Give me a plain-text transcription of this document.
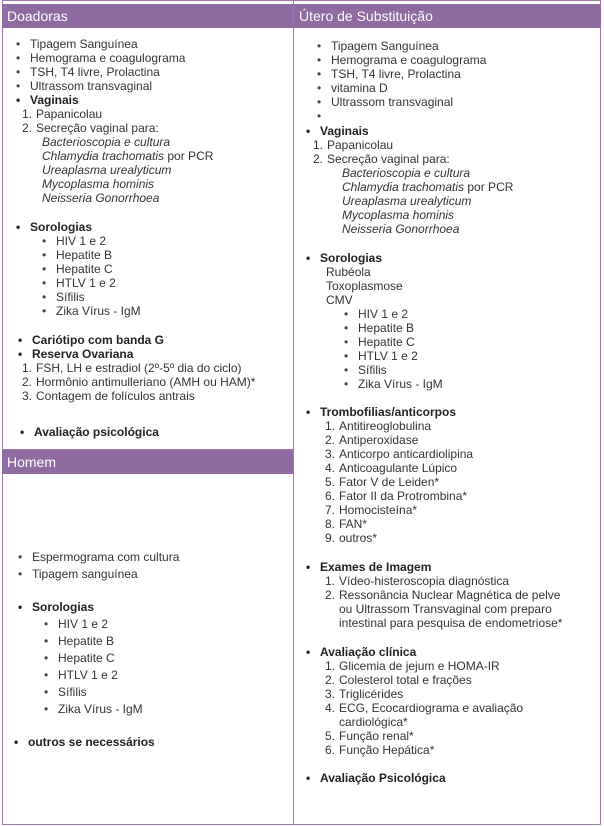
Doadoras
• Tipagem Sanguínea
• Hemograma e coagulograma
• TSH, T4 livre, Prolactina
• Ultrassom transvaginal
• Vaginais
1. Papanicolau
2. Secreção vaginal para:
Bacterioscopia e cultura
Chlamydia trachomatis por PCR
Ureaplasma urealyticum
Mycoplasma hominis
Neisseria Gonorrhoea
• Sorologias
• HIV 1 e 2
• Hepatite B
• Hepatite C
• HTLV 1 e 2
• Sífilis
• Zika Vírus - IgM
• Cariótipo com banda G
• Reserva Ovariana
1. FSH, LH e estradiol (2º-5º dia do ciclo)
2. Hormônio antimulleriano (AMH ou HAM)*
3. Contagem de folículos antrais
• Avaliação psicológica
Homem
• Espermograma com cultura
• Tipagem sanguínea
• Sorologias
• HIV 1 e 2
• Hepatite B
• Hepatite C
• HTLV 1 e 2
• Sífilis
• Zika Vírus - IgM
• outros se necessários
Útero de Substituição
• Tipagem Sanguínea
• Hemograma e coagulograma
• TSH, T4 livre, Prolactina
• vitamina D
• Ultrassom transvaginal
• Vaginais
1. Papanicolau
2. Secreção vaginal para:
Bacterioscopia e cultura
Chlamydia trachomatis por PCR
Ureaplasma urealyticum
Mycoplasma hominis
Neisseria Gonorrhoea
• Sorologias
Rubéola
Toxoplasmose
CMV
• HIV 1 e 2
• Hepatite B
• Hepatite C
• HTLV 1 e 2
• Sífilis
• Zika Vírus - IgM
• Trombofilias/anticorpos
1. Antitireoglobulina
2. Antiperoxidase
3. Anticorpo anticardiolipina
4. Anticoagulante Lúpico
5. Fator V de Leiden*
6. Fator II da Protrombina*
7. Homocisteína*
8. FAN*
9. outros*
• Exames de Imagem
1. Vídeo-histeroscopia diagnóstica
2. Ressonância Nuclear Magnética de pelve
ou Ultrassom Transvaginal com preparo
intestinal para pesquisa de endometriose*
• Avaliação clínica
1. Glicemia de jejum e HOMA-IR
2. Colesterol total e frações
3. Triglicérides
4. ECG, Ecocardiograma e avaliação
cardiológica*
5. Função renal*
6. Função Hepática*
• Avaliação Psicológica
